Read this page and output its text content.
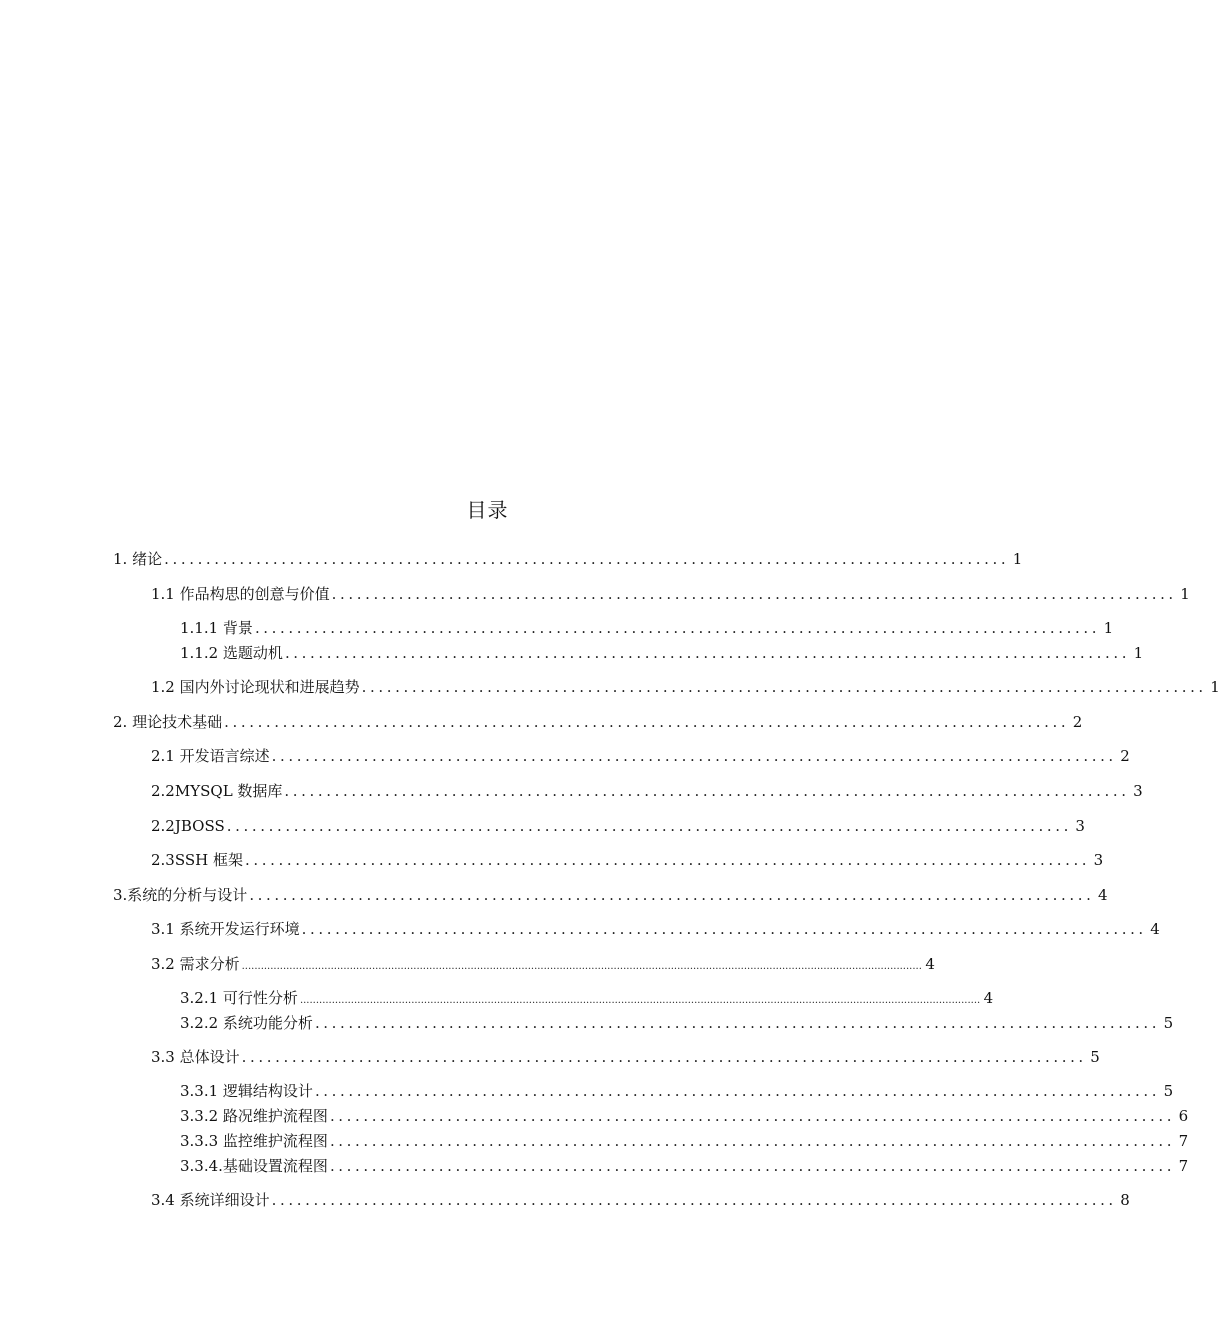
目录
1. 绪论 ..................................................................................................... 1
1.1 作品构思的创意与价值 ..................................................................................................... 1
1.1.1 背景 ..................................................................................................... 1
1.1.2 选题动机 ..................................................................................................... 1
1.2 国内外讨论现状和进展趋势 ..................................................................................................... 1
2. 理论技术基础 ..................................................................................................... 2
2.1 开发语言综述 ..................................................................................................... 2
2.2MYSQL 数据库 ..................................................................................................... 3
2.2JBOSS ..................................................................................................... 3
2.3SSH 框架 ..................................................................................................... 3
3.系统的分析与设计 ..................................................................................................... 4
3.1 系统开发运行环境 ..................................................................................................... 4
3.2 需求分析 ...................................................................................................................................................................................................................... 4
3.2.1 可行性分析 ...................................................................................................................................................................................................................... 4
3.2.2 系统功能分析 ..................................................................................................... 5
3.3 总体设计 ..................................................................................................... 5
3.3.1 逻辑结构设计 ..................................................................................................... 5
3.3.2 路况维护流程图 ..................................................................................................... 6
3.3.3 监控维护流程图 ..................................................................................................... 7
3.3.4.基础设置流程图 ..................................................................................................... 7
3.4 系统详细设计 ..................................................................................................... 8
